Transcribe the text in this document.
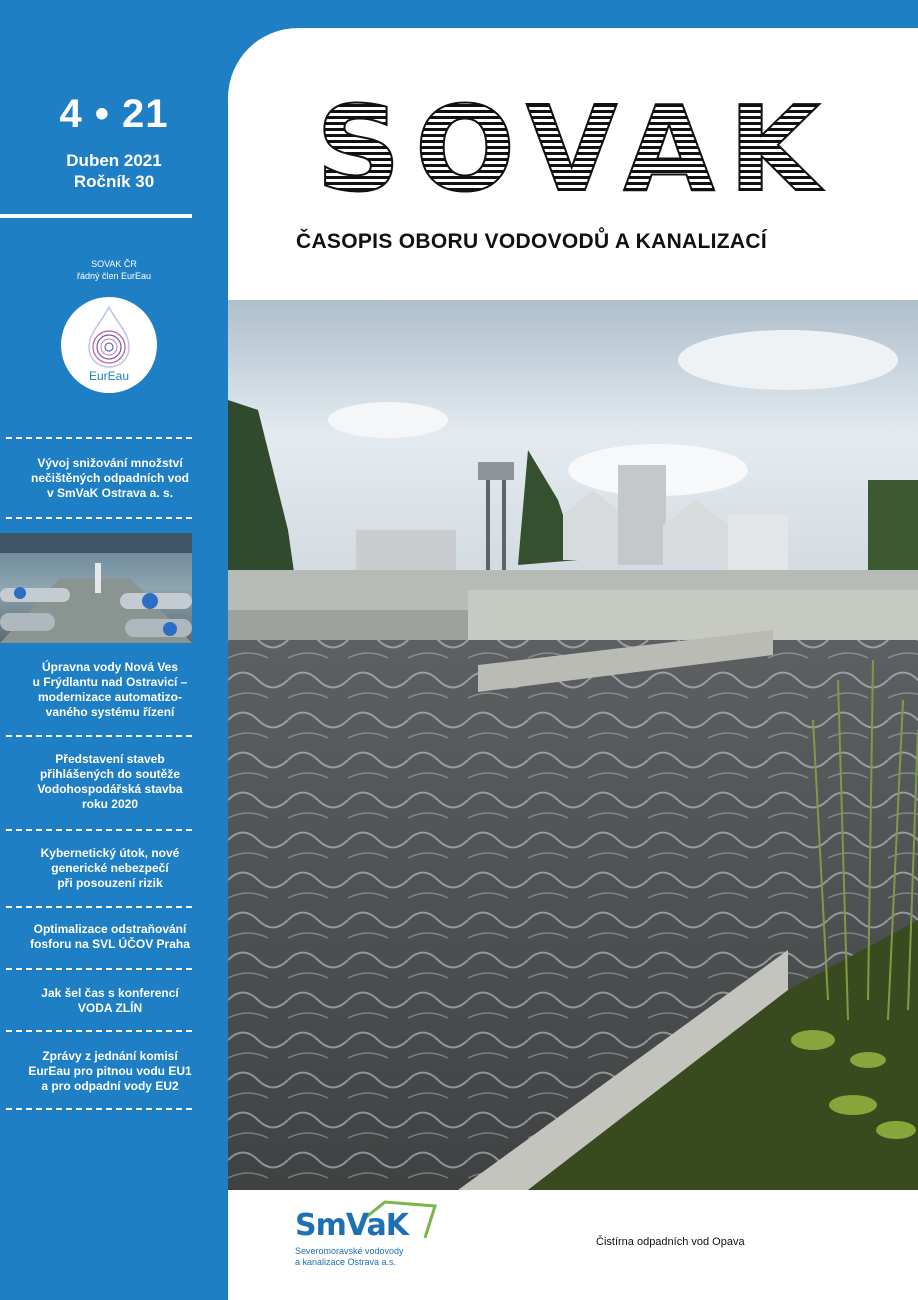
4 • 21
Duben 2021
Ročník 30
SOVAK ČR
řádný člen EurEau
EurEau
Vývoj snižování množství
nečištěných odpadních vod
v SmVaK Ostrava a. s.
Úpravna vody Nová Ves
u Frýdlantu nad Ostravicí –
modernizace automatizo-
vaného systému řízení
Představení staveb
přihlášených do soutěže
Vodohospodářská stavba
roku 2020
Kybernetický útok, nové
generické nebezpečí
při posouzení rizik
Optimalizace odstraňování
fosforu na SVL ÚČOV Praha
Jak šel čas s konferencí
VODA ZLÍN
Zprávy z jednání komisí
EurEau pro pitnou vodu EU1
a pro odpadní vody EU2
SOVAK
ČASOPIS OBORU VODOVODŮ A KANALIZACÍ
SmVaK
Severomoravské vodovody
a kanalizace Ostrava a.s.
Čistírna odpadních vod Opava
